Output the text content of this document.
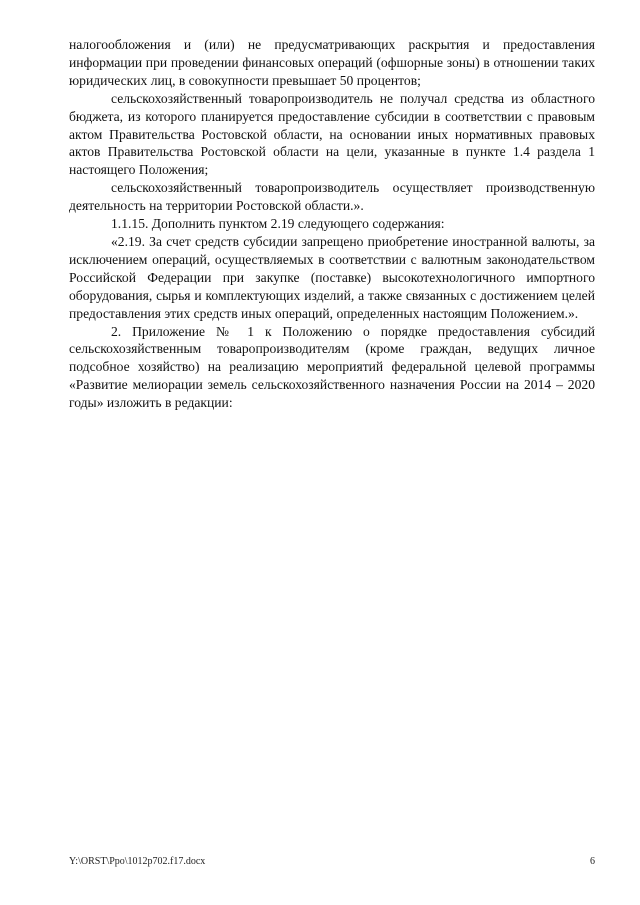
налогообложения и (или) не предусматривающих раскрытия и предоставления информации при проведении финансовых операций (офшорные зоны) в отношении таких юридических лиц, в совокупности превышает 50 процентов;

сельскохозяйственный товаропроизводитель не получал средства из областного бюджета, из которого планируется предоставление субсидии в соответствии с правовым актом Правительства Ростовской области, на основании иных нормативных правовых актов Правительства Ростовской области на цели, указанные в пункте 1.4 раздела 1 настоящего Положения;

сельскохозяйственный товаропроизводитель осуществляет производственную деятельность на территории Ростовской области.».

1.1.15. Дополнить пунктом 2.19 следующего содержания:

«2.19. За счет средств субсидии запрещено приобретение иностранной валюты, за исключением операций, осуществляемых в соответствии с валютным законодательством Российской Федерации при закупке (поставке) высокотехнологичного импортного оборудования, сырья и комплектующих изделий, а также связанных с достижением целей предоставления этих средств иных операций, определенных настоящим Положением.».

2. Приложение № 1 к Положению о порядке предоставления субсидий сельскохозяйственным товаропроизводителям (кроме граждан, ведущих личное подсобное хозяйство) на реализацию мероприятий федеральной целевой программы «Развитие мелиорации земель сельскохозяйственного назначения России на 2014 – 2020 годы» изложить в редакции:

Y:\ORST\Ppo\1012p702.f17.docx	6
